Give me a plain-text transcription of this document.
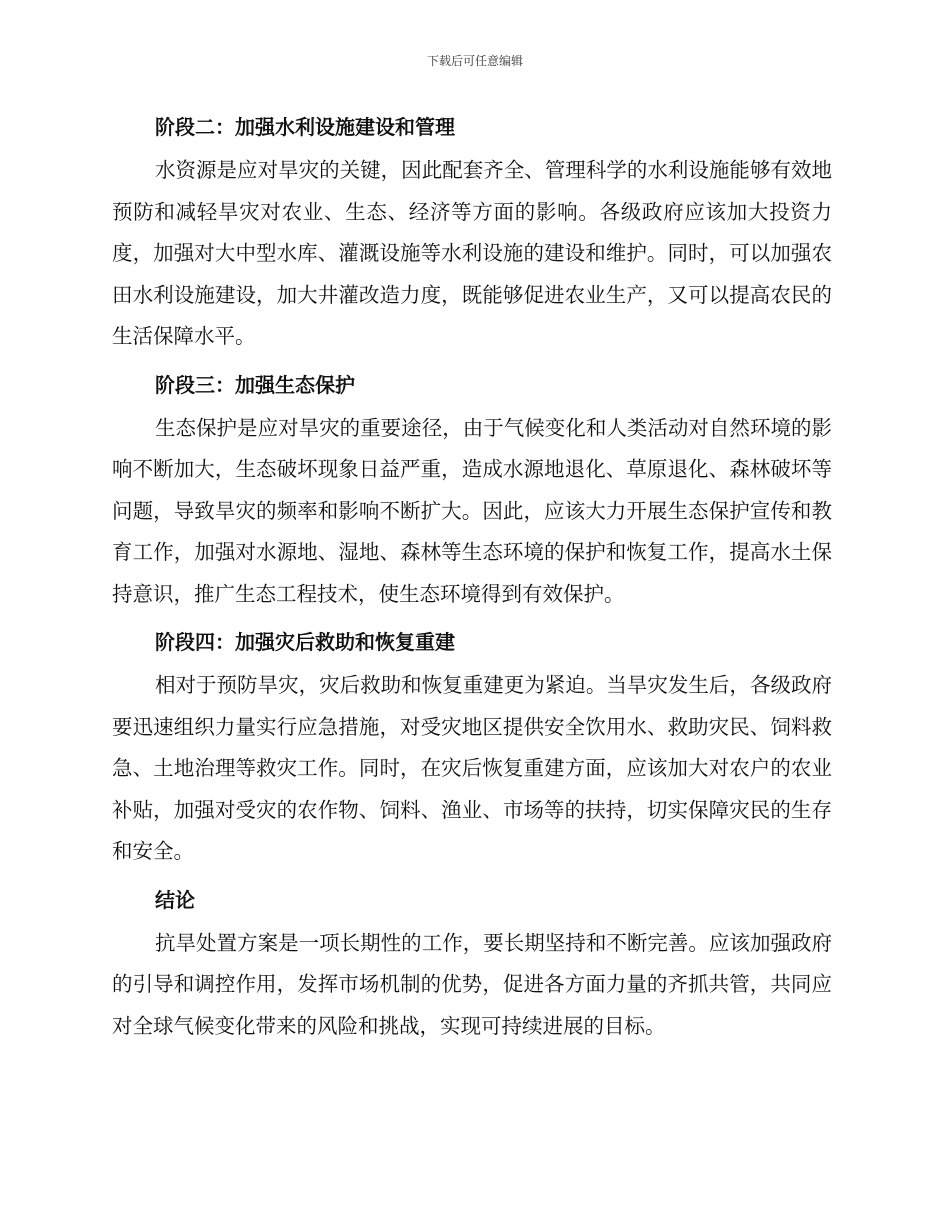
下载后可任意编辑
阶段二：加强水利设施建设和管理

水资源是应对旱灾的关键，因此配套齐全、管理科学的水利设施能够有效地预防和减轻旱灾对农业、生态、经济等方面的影响。各级政府应该加大投资力度，加强对大中型水库、灌溉设施等水利设施的建设和维护。同时，可以加强农田水利设施建设，加大井灌改造力度，既能够促进农业生产，又可以提高农民的生活保障水平。

阶段三：加强生态保护

生态保护是应对旱灾的重要途径，由于气候变化和人类活动对自然环境的影响不断加大，生态破坏现象日益严重，造成水源地退化、草原退化、森林破坏等问题，导致旱灾的频率和影响不断扩大。因此，应该大力开展生态保护宣传和教育工作，加强对水源地、湿地、森林等生态环境的保护和恢复工作，提高水土保持意识，推广生态工程技术，使生态环境得到有效保护。

阶段四：加强灾后救助和恢复重建

相对于预防旱灾，灾后救助和恢复重建更为紧迫。当旱灾发生后，各级政府要迅速组织力量实行应急措施，对受灾地区提供安全饮用水、救助灾民、饲料救急、土地治理等救灾工作。同时，在灾后恢复重建方面，应该加大对农户的农业补贴，加强对受灾的农作物、饲料、渔业、市场等的扶持，切实保障灾民的生存和安全。

结论

抗旱处置方案是一项长期性的工作，要长期坚持和不断完善。应该加强政府的引导和调控作用，发挥市场机制的优势，促进各方面力量的齐抓共管，共同应对全球气候变化带来的风险和挑战，实现可持续进展的目标。
